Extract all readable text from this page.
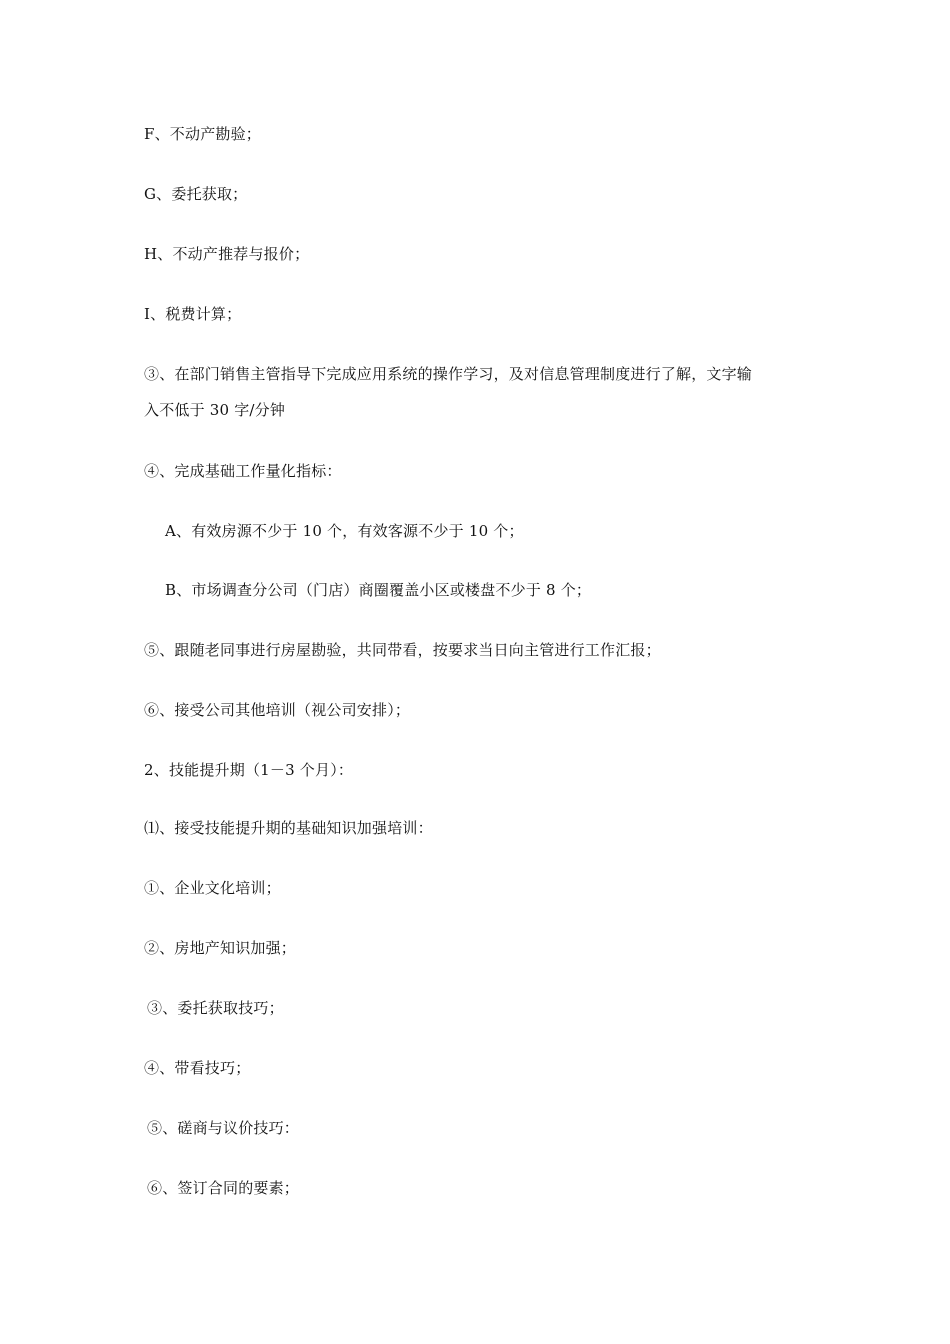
F、不动产勘验；
G、委托获取；
H、不动产推荐与报价；
I、税费计算；
③、在部门销售主管指导下完成应用系统的操作学习，及对信息管理制度进行了解，文字输
入不低于 30 字/分钟
④、完成基础工作量化指标：
A、有效房源不少于 10 个，有效客源不少于 10 个；
B、市场调查分公司（门店）商圈覆盖小区或楼盘不少于 8 个；
⑤、跟随老同事进行房屋勘验，共同带看，按要求当日向主管进行工作汇报；
⑥、接受公司其他培训（视公司安排）；
2、技能提升期（1－3 个月）：
⑴、接受技能提升期的基础知识加强培训：
①、企业文化培训；
②、房地产知识加强；
③、委托获取技巧；
④、带看技巧；
⑤、磋商与议价技巧：
⑥、签订合同的要素；
